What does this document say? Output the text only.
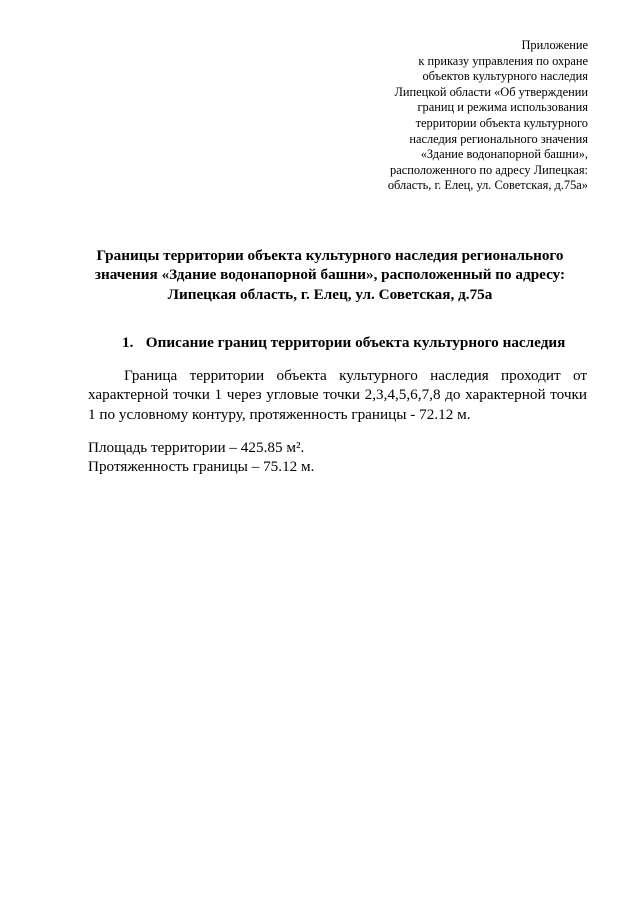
Приложение
к приказу управления по охране
объектов культурного наследия
Липецкой области «Об утверждении
границ и режима использования
территории объекта культурного
наследия регионального значения
«Здание водонапорной башни»,
расположенного по адресу Липецкая:
область, г. Елец, ул. Советская, д.75а»
Границы территории объекта культурного наследия регионального
значения «Здание водонапорной башни», расположенный по адресу:
Липецкая область, г. Елец, ул. Советская, д.75а
1. Описание границ территории объекта культурного наследия
Граница территории объекта культурного наследия проходит от
характерной точки 1 через угловые точки 2,3,4,5,6,7,8 до характерной точки
1 по условному контуру, протяженность границы - 72.12 м.
Площадь территории – 425.85 м².
Протяженность границы – 75.12 м.
